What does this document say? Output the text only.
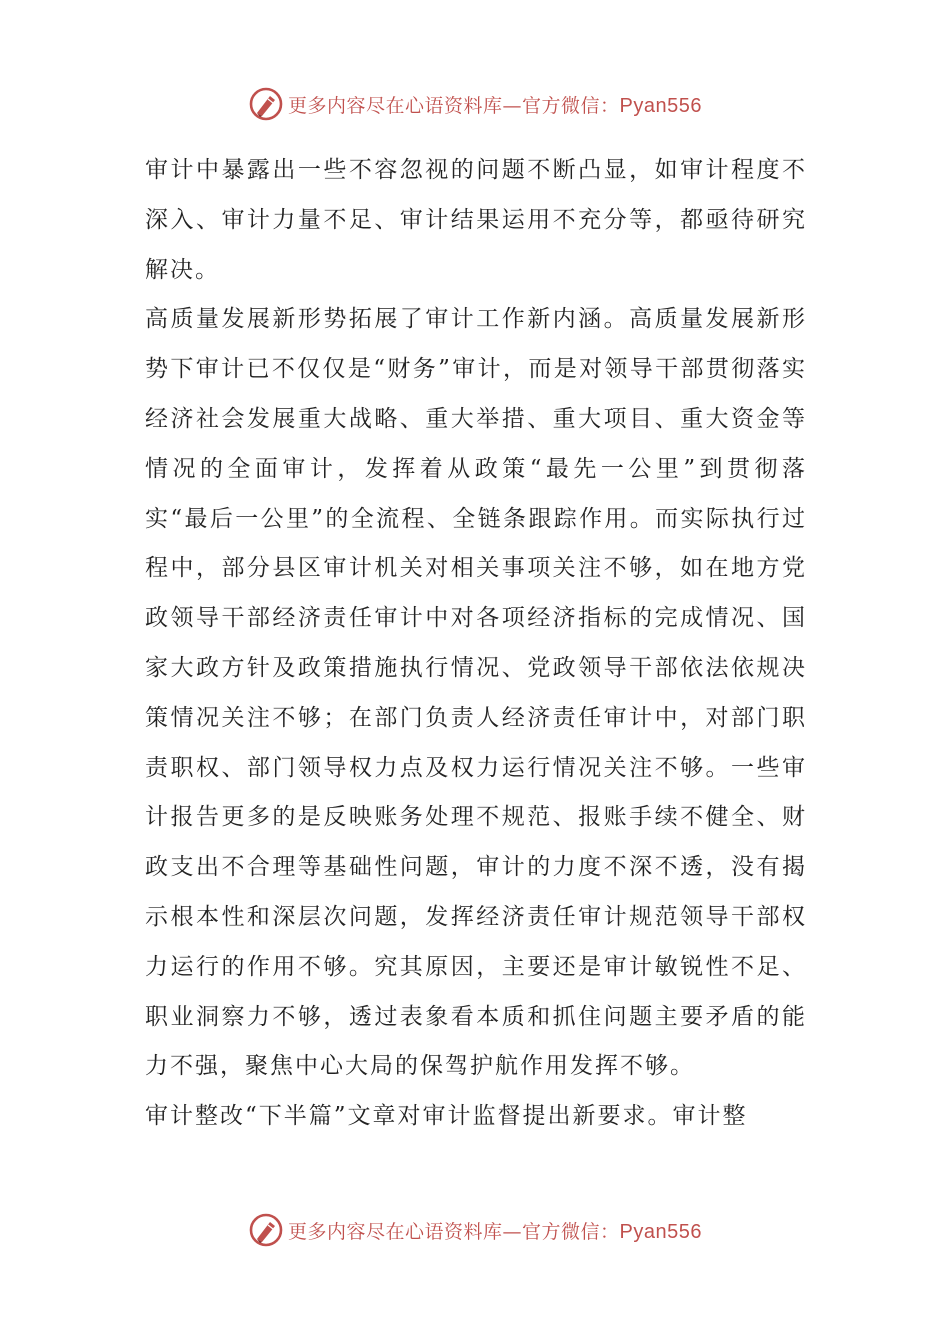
更多内容尽在心语资料库—官方微信：Pyan556

审计中暴露出一些不容忽视的问题不断凸显，如审计程度不深入、审计力量不足、审计结果运用不充分等，都亟待研究解决。

高质量发展新形势拓展了审计工作新内涵。高质量发展新形势下审计已不仅仅是“财务”审计，而是对领导干部贯彻落实经济社会发展重大战略、重大举措、重大项目、重大资金等情况的全面审计，发挥着从政策“最先一公里”到贯彻落实“最后一公里”的全流程、全链条跟踪作用。而实际执行过程中，部分县区审计机关对相关事项关注不够，如在地方党政领导干部经济责任审计中对各项经济指标的完成情况、国家大政方针及政策措施执行情况、党政领导干部依法依规决策情况关注不够；在部门负责人经济责任审计中，对部门职责职权、部门领导权力点及权力运行情况关注不够。一些审计报告更多的是反映账务处理不规范、报账手续不健全、财政支出不合理等基础性问题，审计的力度不深不透，没有揭示根本性和深层次问题，发挥经济责任审计规范领导干部权力运行的作用不够。究其原因，主要还是审计敏锐性不足、职业洞察力不够，透过表象看本质和抓住问题主要矛盾的能力不强，聚焦中心大局的保驾护航作用发挥不够。

审计整改“下半篇”文章对审计监督提出新要求。审计整

更多内容尽在心语资料库—官方微信：Pyan556
